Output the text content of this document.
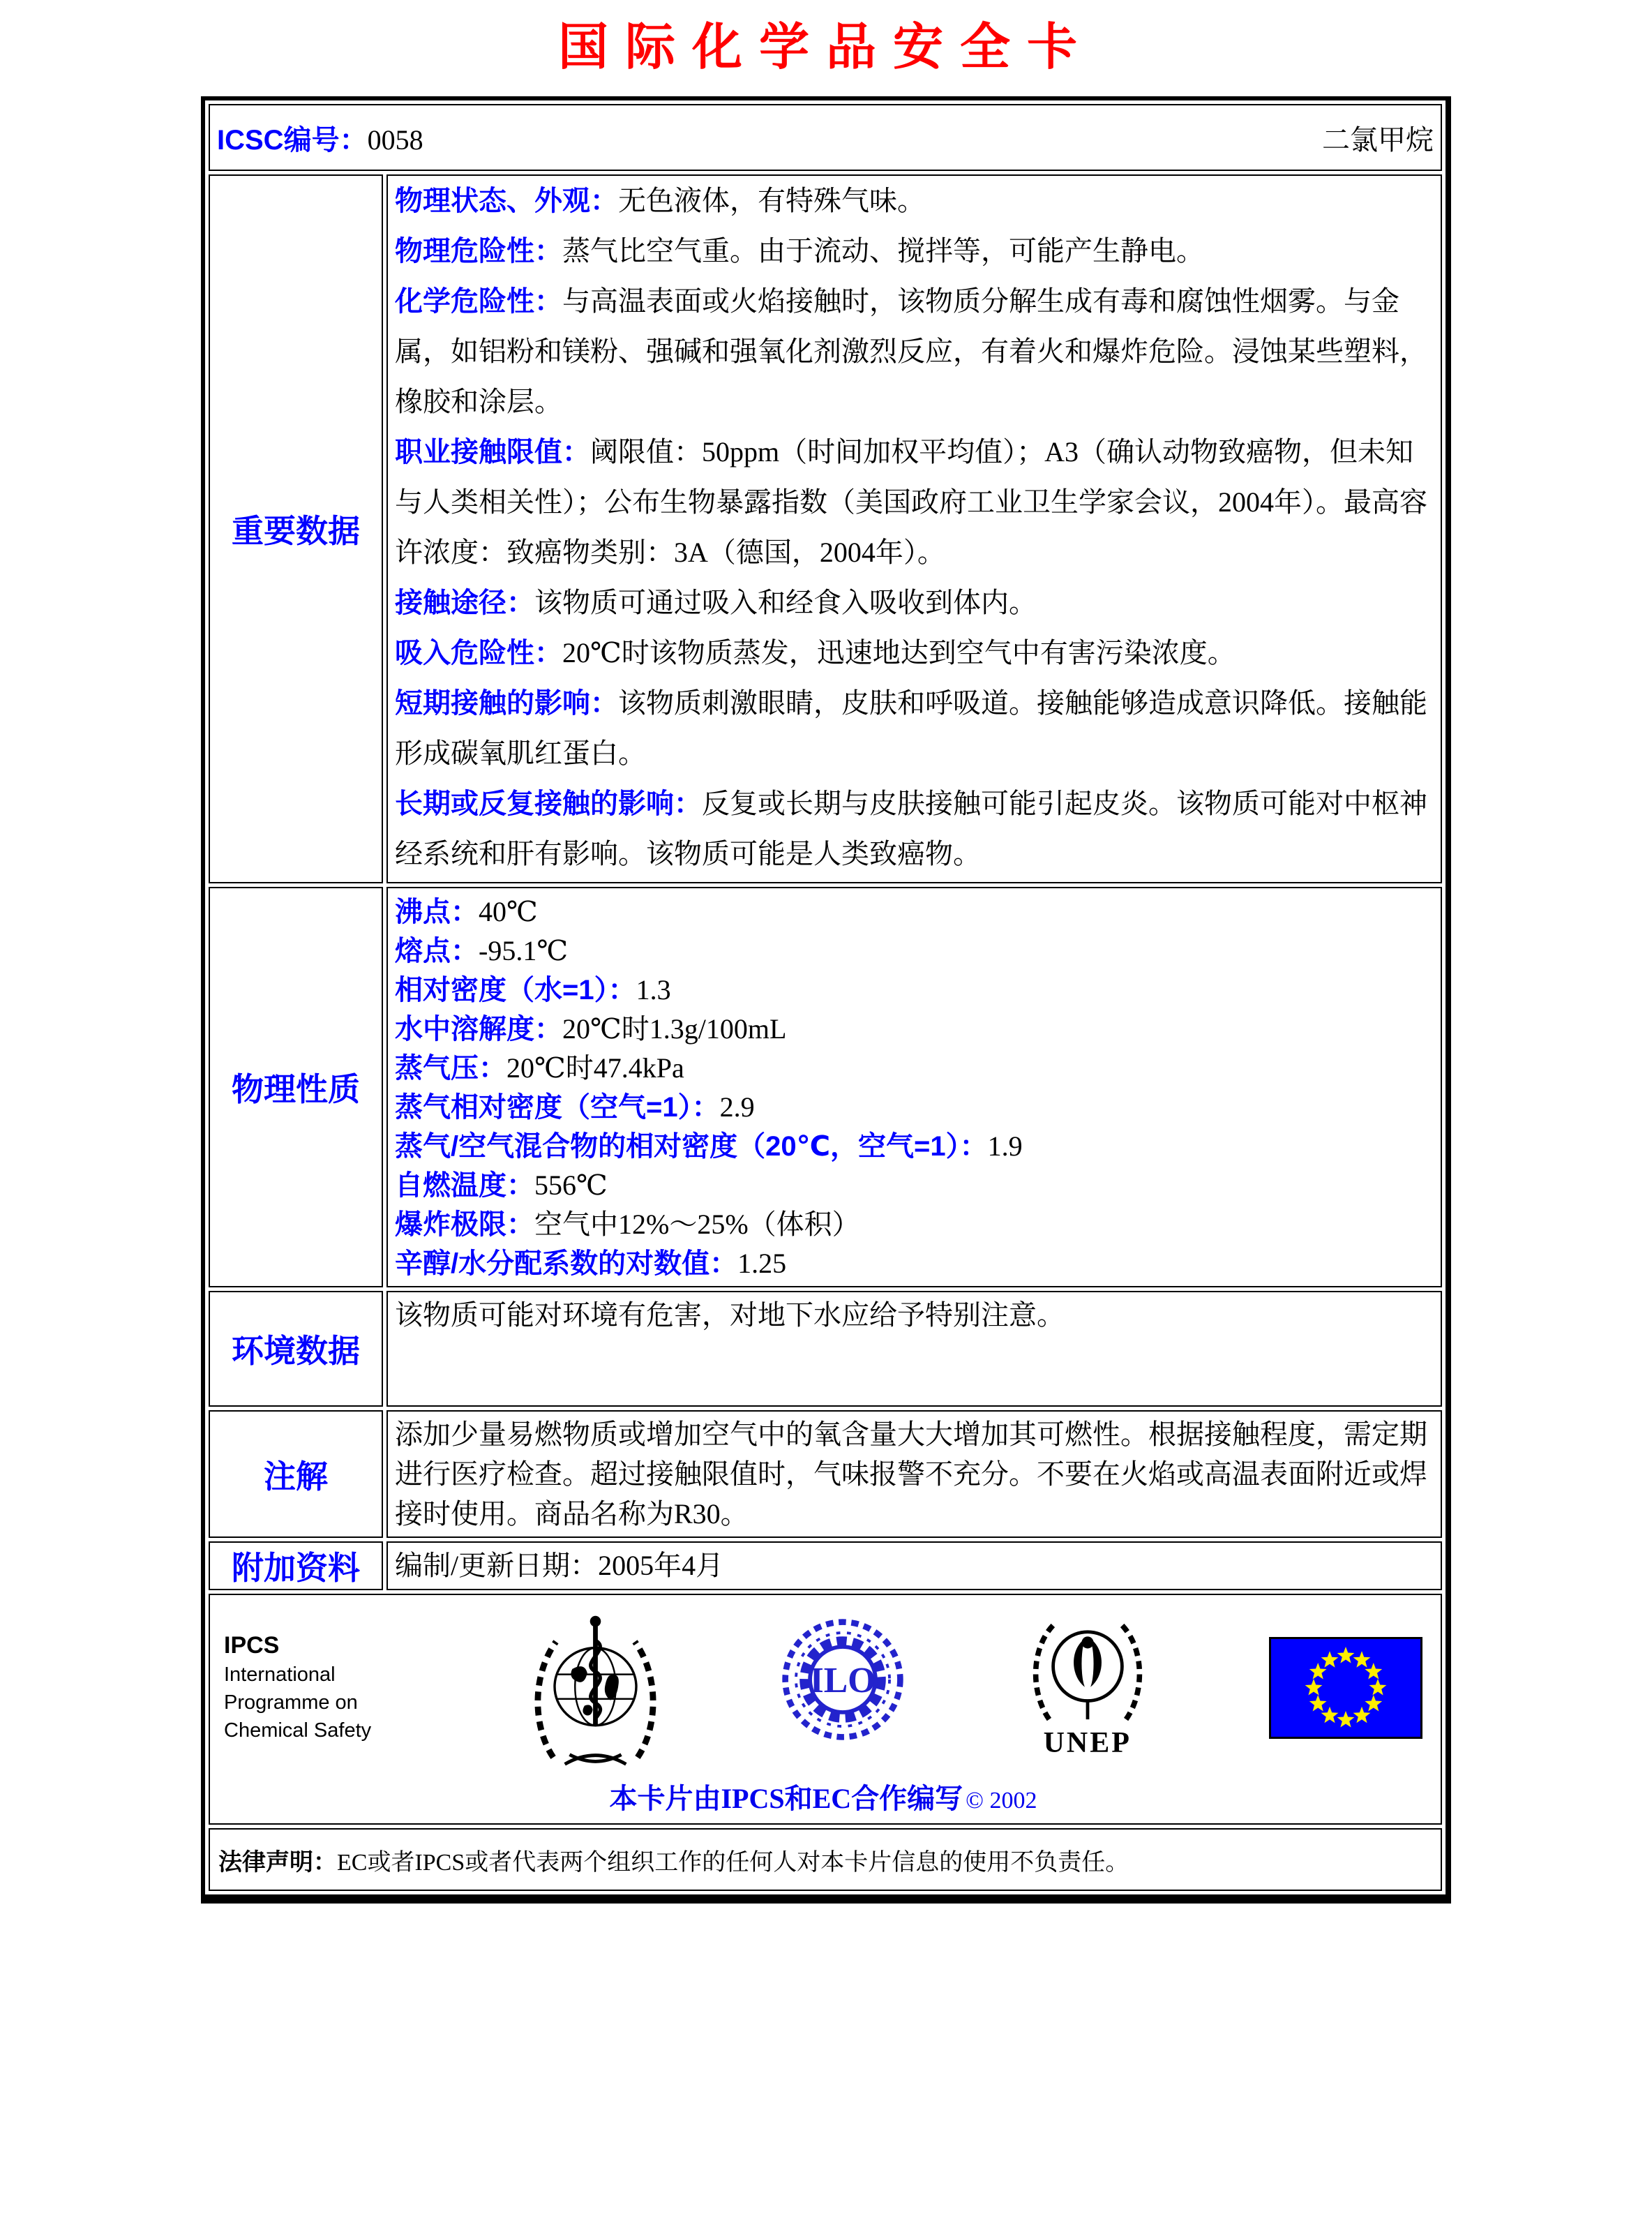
国际化学品安全卡
ICSC编号：0058 二氯甲烷	

重要数据	
物理状态、外观：无色液体，有特殊气味。
物理危险性：蒸气比空气重。由于流动、搅拌等，可能产生静电。
化学危险性：与高温表面或火焰接触时，该物质分解生成有毒和腐蚀性烟雾。与金属，如铝粉和镁粉、强碱和强氧化剂激烈反应，有着火和爆炸危险。浸蚀某些塑料，橡胶和涂层。
职业接触限值：阈限值：50ppm（时间加权平均值）；A3（确认动物致癌物，但未知与人类相关性）；公布生物暴露指数（美国政府工业卫生学家会议，2004年）。最高容许浓度：致癌物类别：3A（德国，2004年）。
接触途径：该物质可通过吸入和经食入吸收到体内。
吸入危险性：20℃时该物质蒸发，迅速地达到空气中有害污染浓度。
短期接触的影响：该物质刺激眼睛，皮肤和呼吸道。接触能够造成意识降低。接触能形成碳氧肌红蛋白。
长期或反复接触的影响：反复或长期与皮肤接触可能引起皮炎。该物质可能对中枢神经系统和肝有影响。该物质可能是人类致癌物。

物理性质	
沸点：40℃
熔点：-95.1℃
相对密度（水=1）：1.3
水中溶解度：20℃时1.3g/100mL
蒸气压：20℃时47.4kPa
蒸气相对密度（空气=1）：2.9
蒸气/空气混合物的相对密度（20℃，空气=1）：1.9
自燃温度：556℃
爆炸极限：空气中12%～25%（体积）
辛醇/水分配系数的对数值：1.25

环境数据	该物质可能对环境有危害，对地下水应给予特别注意。
注解	添加少量易燃物质或增加空气中的氧含量大大增加其可燃性。根据接触程度，需定期进行医疗检查。超过接触限值时，气味报警不充分。不要在火焰或高温表面附近或焊接时使用。商品名称为R30。
附加资料	编制/更新日期：2005年4月

IPCS
International
Programme on
Chemical Safety
ILO
UNEP
本卡片由IPCS和EC合作编写 © 2002

法律声明：EC或者IPCS或者代表两个组织工作的任何人对本卡片信息的使用不负责任。	
